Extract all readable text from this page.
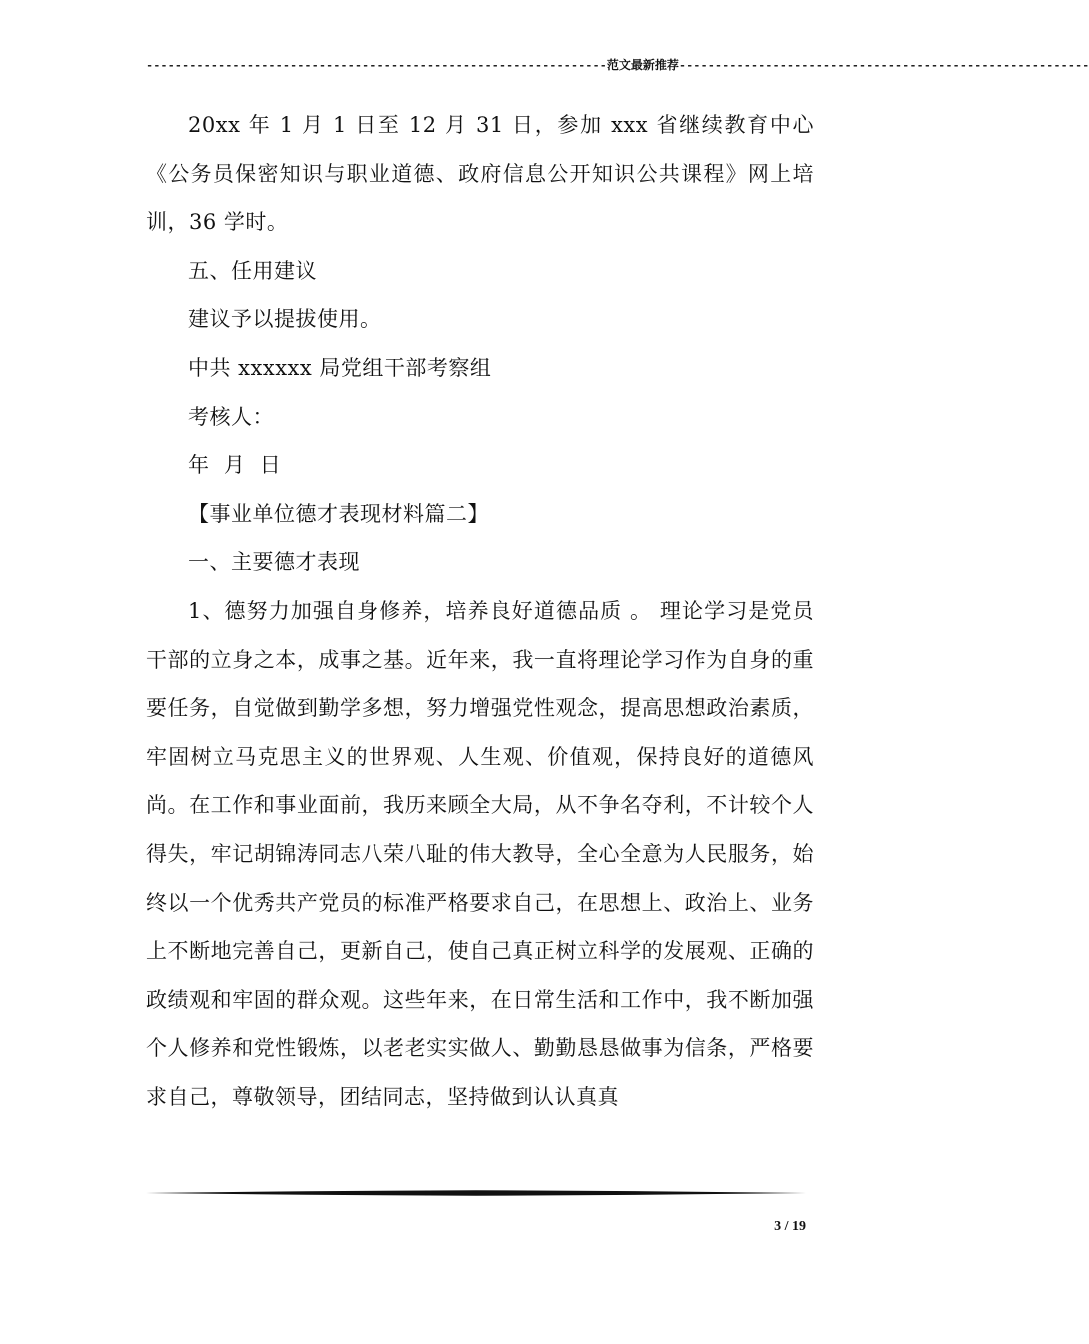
----------------------------------------------------------------范文最新推荐---------------------------------------------------------

20xx 年 1 月 1 日至 12 月 31 日，参加 xxx 省继续教育中心《公务员保密知识与职业道德、政府信息公开知识公共课程》网上培训，36 学时。

五、任用建议

建议予以提拔使用。

中共 xxxxxx 局党组干部考察组

考核人：

年  月  日

【事业单位德才表现材料篇二】

一、主要德才表现

1、德努力加强自身修养，培养良好道德品质 。 理论学习是党员干部的立身之本，成事之基。近年来，我一直将理论学习作为自身的重要任务，自觉做到勤学多想，努力增强党性观念，提高思想政治素质，牢固树立马克思主义的世界观、人生观、价值观，保持良好的道德风尚。在工作和事业面前，我历来顾全大局，从不争名夺利，不计较个人得失，牢记胡锦涛同志八荣八耻的伟大教导，全心全意为人民服务，始终以一个优秀共产党员的标准严格要求自己，在思想上、政治上、业务上不断地完善自己，更新自己，使自己真正树立科学的发展观、正确的政绩观和牢固的群众观。这些年来，在日常生活和工作中，我不断加强个人修养和党性锻炼，以老老实实做人、勤勤恳恳做事为信条，严格要求自己，尊敬领导，团结同志，坚持做到认认真真

3 / 19
